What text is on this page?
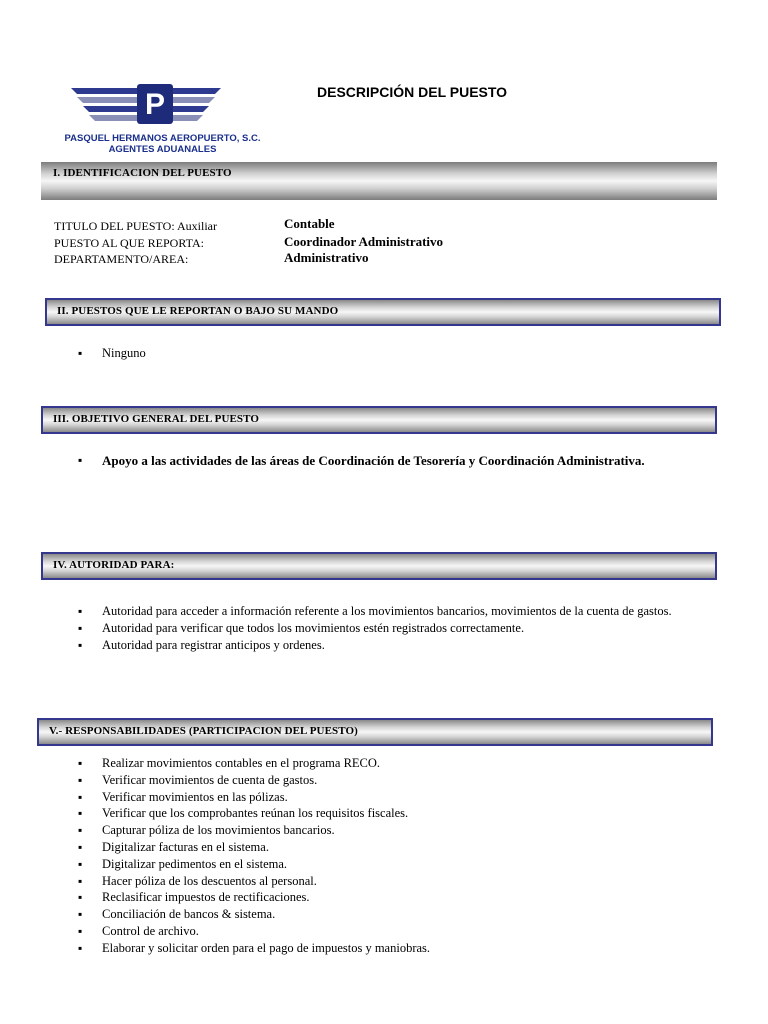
P
PASQUEL HERMANOS AEROPUERTO, S.C.
AGENTES ADUANALES
DESCRIPCIÓN DEL PUESTO
I. IDENTIFICACION DEL PUESTO
TITULO DEL PUESTO: Auxiliar	Contable
PUESTO AL QUE REPORTA:	Coordinador Administrativo
DEPARTAMENTO/AREA:	Administrativo
II. PUESTOS QUE LE REPORTAN O BAJO SU MANDO
▪ Ninguno
III. OBJETIVO GENERAL DEL PUESTO
▪ Apoyo a las actividades de las áreas de Coordinación de Tesorería y Coordinación Administrativa.
IV. AUTORIDAD PARA:
▪ Autoridad para acceder a información referente a los movimientos bancarios, movimientos de la cuenta de gastos.
▪ Autoridad para verificar que todos los movimientos estén registrados correctamente.
▪ Autoridad para registrar anticipos y ordenes.
V.- RESPONSABILIDADES (PARTICIPACION DEL PUESTO)
▪ Realizar movimientos contables en el programa RECO.
▪ Verificar movimientos de cuenta de gastos.
▪ Verificar movimientos en las pólizas.
▪ Verificar que los comprobantes reúnan los requisitos fiscales.
▪ Capturar póliza de los movimientos bancarios.
▪ Digitalizar facturas en el sistema.
▪ Digitalizar pedimentos en el sistema.
▪ Hacer póliza de los descuentos al personal.
▪ Reclasificar impuestos de rectificaciones.
▪ Conciliación de bancos & sistema.
▪ Control de archivo.
▪ Elaborar y solicitar orden para el pago de impuestos y maniobras.
